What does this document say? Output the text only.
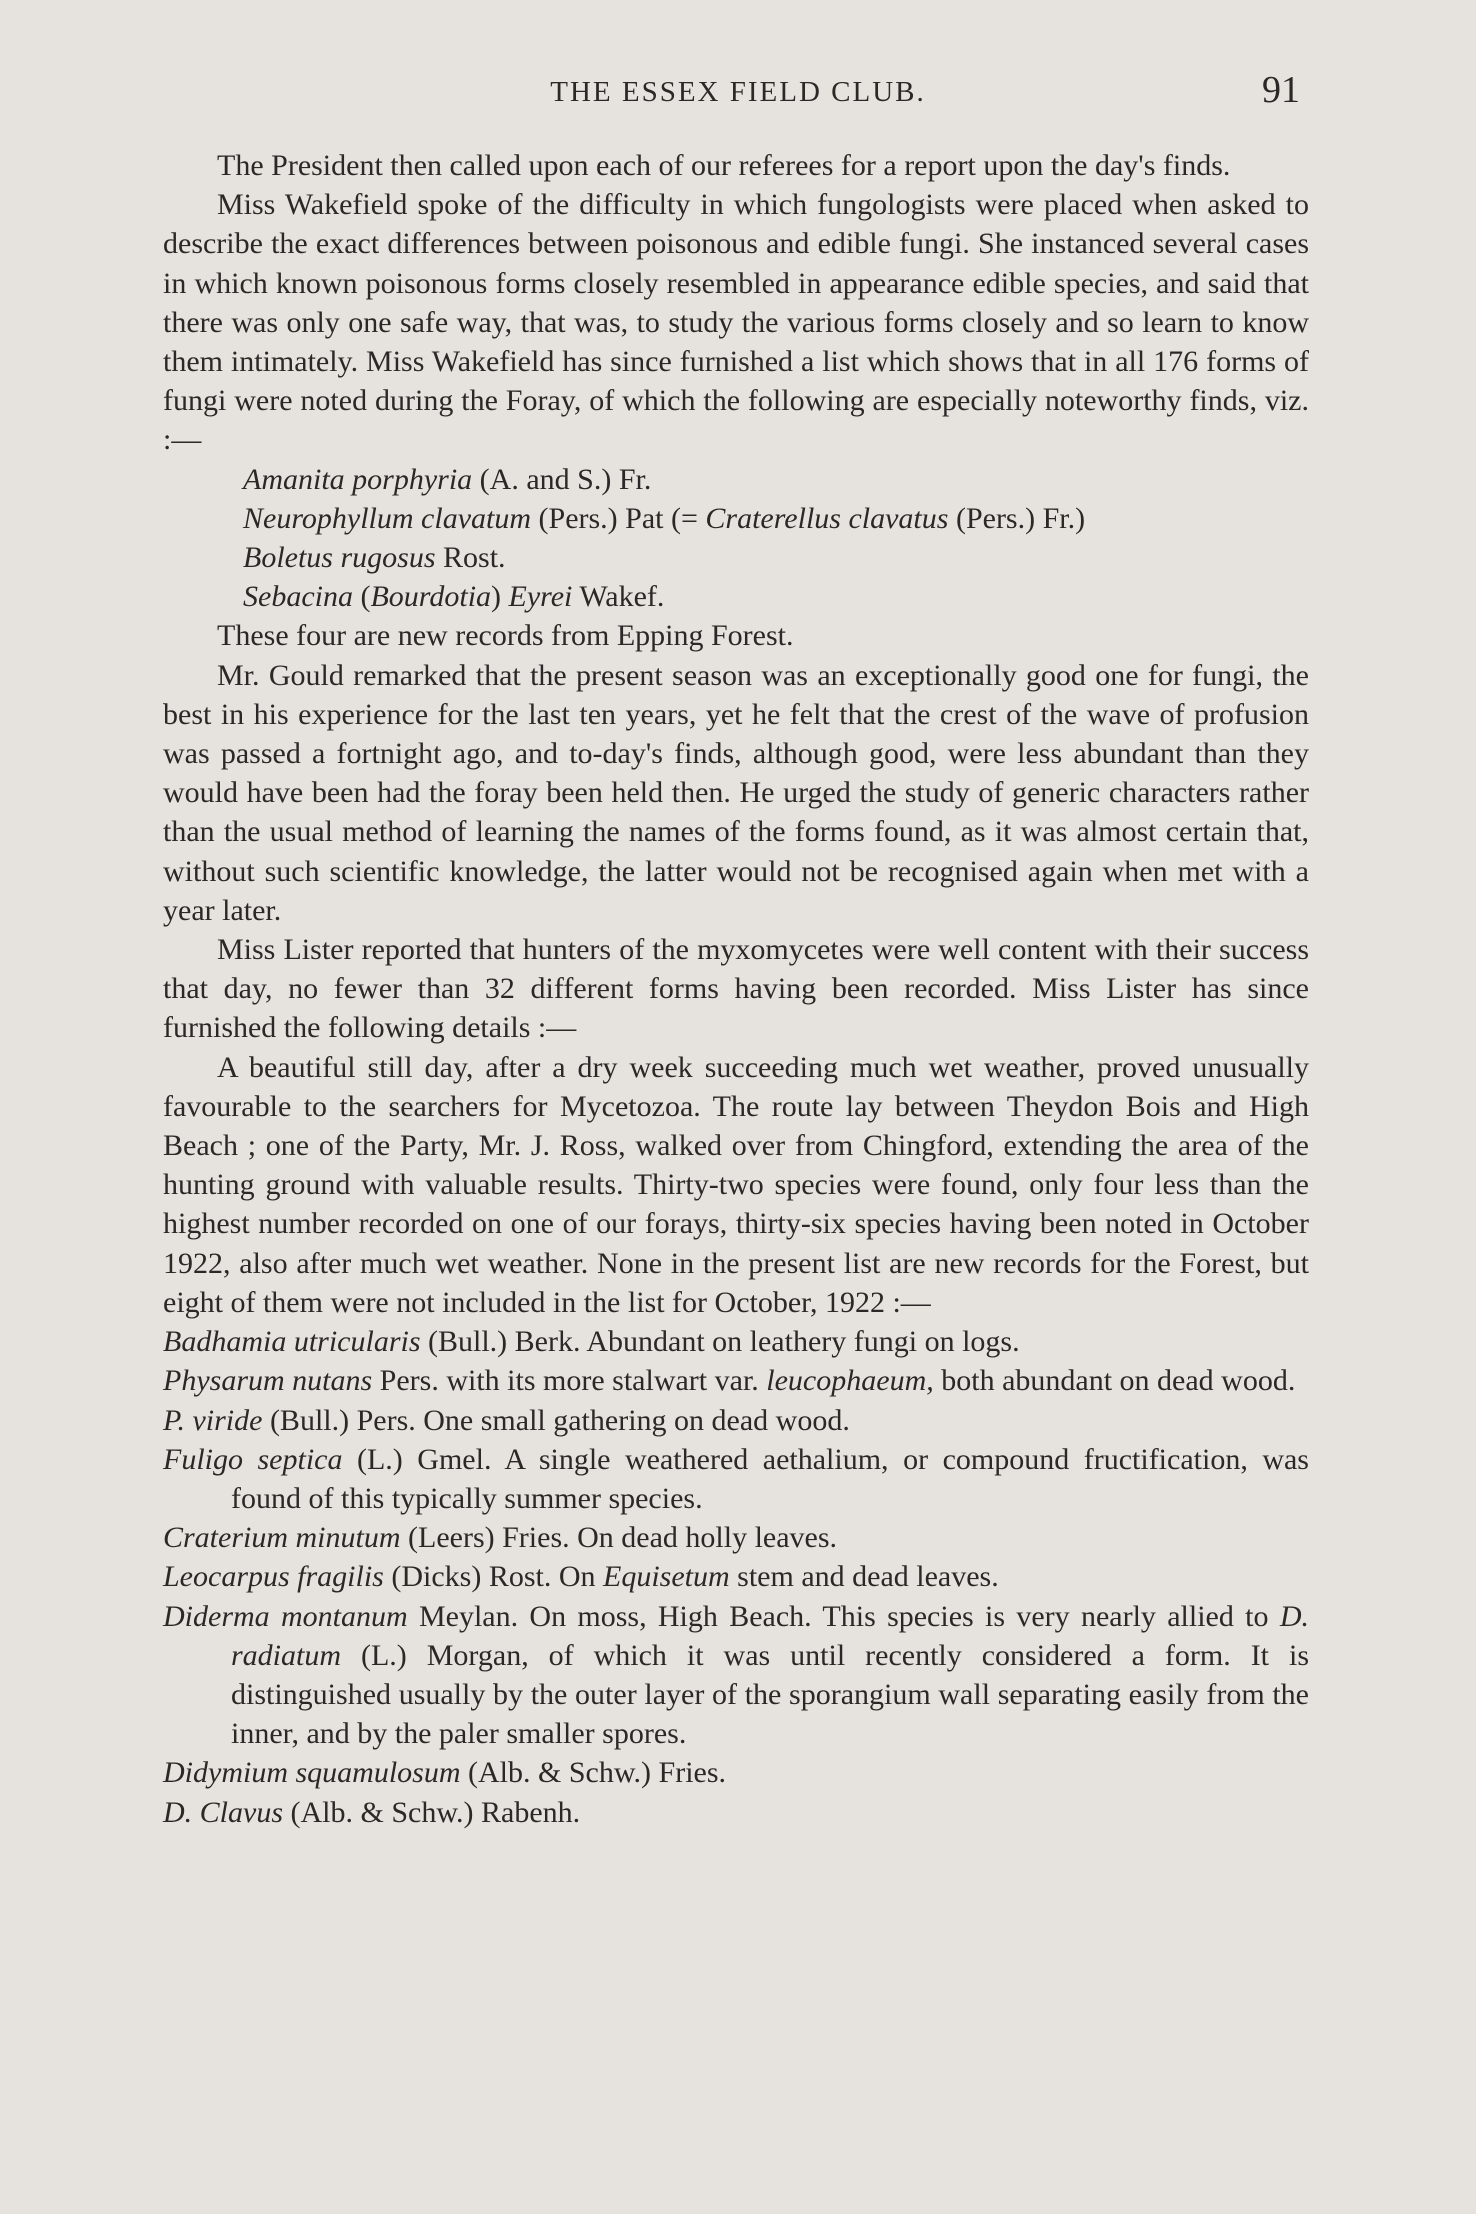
THE ESSEX FIELD CLUB.	91

The President then called upon each of our referees for a report upon the day's finds.

Miss Wakefield spoke of the difficulty in which fungologists were placed when asked to describe the exact differences between poisonous and edible fungi. She instanced several cases in which known poisonous forms closely resembled in appearance edible species, and said that there was only one safe way, that was, to study the various forms closely and so learn to know them intimately. Miss Wakefield has since furnished a list which shows that in all 176 forms of fungi were noted during the Foray, of which the following are especially noteworthy finds, viz. :—

Amanita porphyria (A. and S.) Fr.

Neurophyllum clavatum (Pers.) Pat (= Craterellus clavatus (Pers.) Fr.)

Boletus rugosus Rost.

Sebacina (Bourdotia) Eyrei Wakef.

These four are new records from Epping Forest.

Mr. Gould remarked that the present season was an exceptionally good one for fungi, the best in his experience for the last ten years, yet he felt that the crest of the wave of profusion was passed a fortnight ago, and to-day's finds, although good, were less abundant than they would have been had the foray been held then. He urged the study of generic characters rather than the usual method of learning the names of the forms found, as it was almost certain that, without such scientific knowledge, the latter would not be recognised again when met with a year later.

Miss Lister reported that hunters of the myxomycetes were well content with their success that day, no fewer than 32 different forms having been recorded. Miss Lister has since furnished the following details :—

A beautiful still day, after a dry week succeeding much wet weather, proved unusually favourable to the searchers for Mycetozoa. The route lay between Theydon Bois and High Beach ; one of the Party, Mr. J. Ross, walked over from Chingford, extending the area of the hunting ground with valuable results. Thirty-two species were found, only four less than the highest number recorded on one of our forays, thirty-six species having been noted in October 1922, also after much wet weather. None in the present list are new records for the Forest, but eight of them were not included in the list for October, 1922 :—

Badhamia utricularis (Bull.) Berk. Abundant on leathery fungi on logs.

Physarum nutans Pers. with its more stalwart var. leucophaeum, both abundant on dead wood.

P. viride (Bull.) Pers. One small gathering on dead wood.

Fuligo septica (L.) Gmel. A single weathered aethalium, or compound fructification, was found of this typically summer species.

Craterium minutum (Leers) Fries. On dead holly leaves.

Leocarpus fragilis (Dicks) Rost. On Equisetum stem and dead leaves.

Diderma montanum Meylan. On moss, High Beach. This species is very nearly allied to D. radiatum (L.) Morgan, of which it was until recently considered a form. It is distinguished usually by the outer layer of the sporangium wall separating easily from the inner, and by the paler smaller spores.

Didymium squamulosum (Alb. & Schw.) Fries.

D. Clavus (Alb. & Schw.) Rabenh.
